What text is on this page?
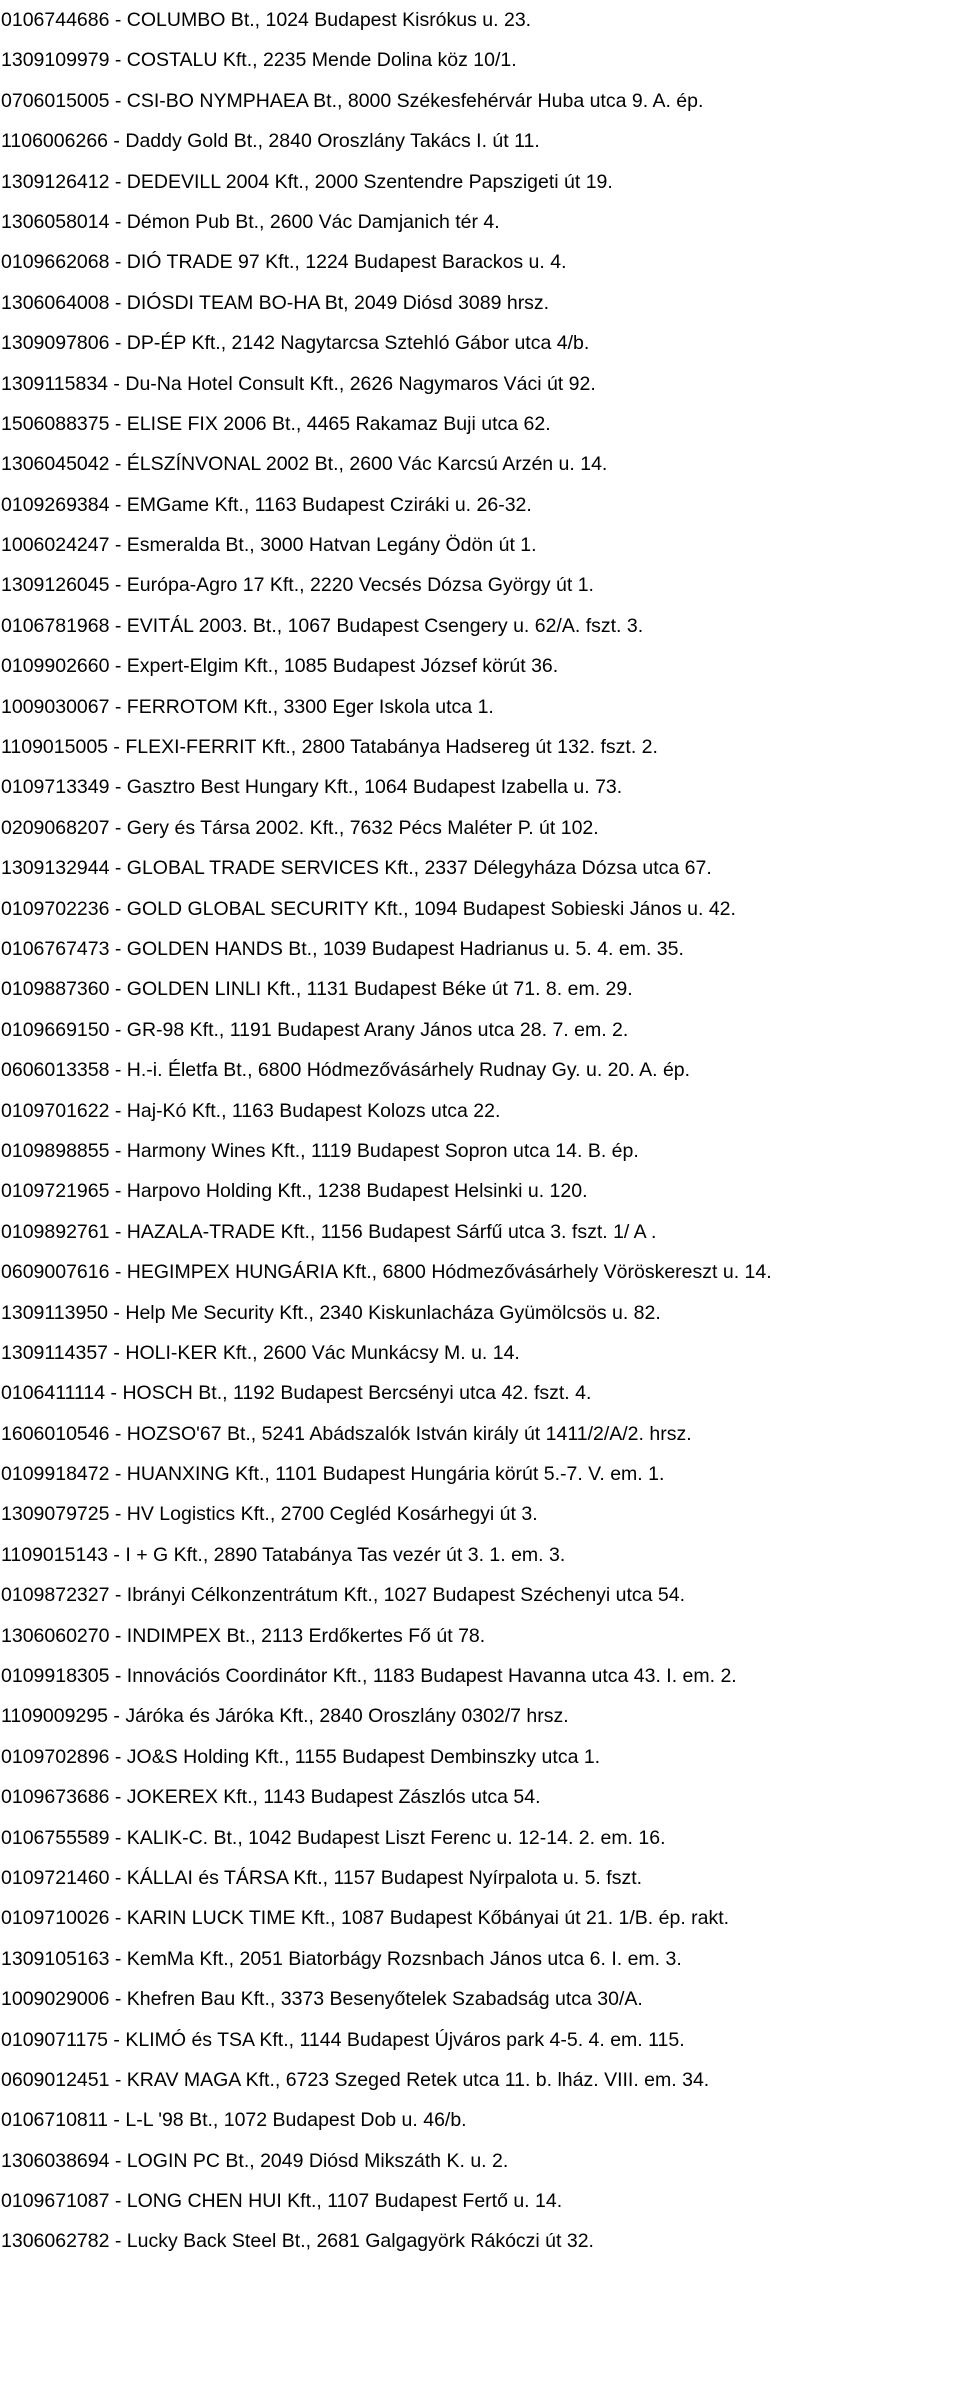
0106744686 - COLUMBO Bt., 1024 Budapest Kisrókus u. 23.
1309109979 - COSTALU Kft., 2235 Mende Dolina köz 10/1.
0706015005 - CSI-BO NYMPHAEA Bt., 8000 Székesfehérvár Huba utca 9. A. ép.
1106006266 - Daddy Gold Bt., 2840 Oroszlány Takács I. út 11.
1309126412 - DEDEVILL 2004 Kft., 2000 Szentendre Papszigeti út 19.
1306058014 - Démon Pub Bt., 2600 Vác Damjanich tér 4.
0109662068 - DIÓ TRADE 97 Kft., 1224 Budapest Barackos u. 4.
1306064008 - DIÓSDI TEAM BO-HA Bt, 2049 Diósd 3089 hrsz.
1309097806 - DP-ÉP Kft., 2142 Nagytarcsa Sztehló Gábor utca 4/b.
1309115834 - Du-Na Hotel Consult Kft., 2626 Nagymaros Váci út 92.
1506088375 - ELISE FIX 2006 Bt., 4465 Rakamaz Buji utca 62.
1306045042 - ÉLSZÍNVONAL 2002 Bt., 2600 Vác Karcsú Arzén u. 14.
0109269384 - EMGame Kft., 1163 Budapest Cziráki u. 26-32.
1006024247 - Esmeralda Bt., 3000 Hatvan Legány Ödön út 1.
1309126045 - Európa-Agro 17 Kft., 2220 Vecsés Dózsa György út 1.
0106781968 - EVITÁL 2003. Bt., 1067 Budapest Csengery u. 62/A. fszt. 3.
0109902660 - Expert-Elgim Kft., 1085 Budapest József körút 36.
1009030067 - FERROTOM Kft., 3300 Eger Iskola utca 1.
1109015005 - FLEXI-FERRIT Kft., 2800 Tatabánya Hadsereg út 132. fszt. 2.
0109713349 - Gasztro Best Hungary Kft., 1064 Budapest Izabella u. 73.
0209068207 - Gery és Társa 2002. Kft., 7632 Pécs Maléter P. út 102.
1309132944 - GLOBAL TRADE SERVICES Kft., 2337 Délegyháza Dózsa utca 67.
0109702236 - GOLD GLOBAL SECURITY Kft., 1094 Budapest Sobieski János u. 42.
0106767473 - GOLDEN HANDS Bt., 1039 Budapest Hadrianus u. 5. 4. em. 35.
0109887360 - GOLDEN LINLI Kft., 1131 Budapest Béke út 71. 8. em. 29.
0109669150 - GR-98 Kft., 1191 Budapest Arany János utca 28. 7. em. 2.
0606013358 - H.-i. Életfa Bt., 6800 Hódmezővásárhely Rudnay Gy. u. 20. A. ép.
0109701622 - Haj-Kó Kft., 1163 Budapest Kolozs utca 22.
0109898855 - Harmony Wines Kft., 1119 Budapest Sopron utca 14. B. ép.
0109721965 - Harpovo Holding Kft., 1238 Budapest Helsinki u. 120.
0109892761 - HAZALA-TRADE Kft., 1156 Budapest Sárfű utca 3. fszt. 1/ A .
0609007616 - HEGIMPEX HUNGÁRIA Kft., 6800 Hódmezővásárhely Vöröskereszt u. 14.
1309113950 - Help Me Security Kft., 2340 Kiskunlacháza Gyümölcsös u. 82.
1309114357 - HOLI-KER Kft., 2600 Vác Munkácsy M. u. 14.
0106411114 - HOSCH Bt., 1192 Budapest Bercsényi utca 42. fszt. 4.
1606010546 - HOZSO'67 Bt., 5241 Abádszalók István király út 1411/2/A/2. hrsz.
0109918472 - HUANXING Kft., 1101 Budapest Hungária körút 5.-7. V. em. 1.
1309079725 - HV Logistics Kft., 2700 Cegléd Kosárhegyi út 3.
1109015143 - I + G Kft., 2890 Tatabánya Tas vezér út 3. 1. em. 3.
0109872327 - Ibrányi Célkonzentrátum Kft., 1027 Budapest Széchenyi utca 54.
1306060270 - INDIMPEX Bt., 2113 Erdőkertes Fő út 78.
0109918305 - Innovációs Coordinátor Kft., 1183 Budapest Havanna utca 43. I. em. 2.
1109009295 - Járóka és Járóka Kft., 2840 Oroszlány 0302/7 hrsz.
0109702896 - JO&S Holding Kft., 1155 Budapest Dembinszky utca 1.
0109673686 - JOKEREX Kft., 1143 Budapest Zászlós utca 54.
0106755589 - KALIK-C. Bt., 1042 Budapest Liszt Ferenc u. 12-14. 2. em. 16.
0109721460 - KÁLLAI és TÁRSA Kft., 1157 Budapest Nyírpalota u. 5. fszt.
0109710026 - KARIN LUCK TIME Kft., 1087 Budapest Kőbányai út 21. 1/B. ép. rakt.
1309105163 - KemMa Kft., 2051 Biatorbágy Rozsnbach János utca 6. I. em. 3.
1009029006 - Khefren Bau Kft., 3373 Besenyőtelek Szabadság utca 30/A.
0109071175 - KLIMÓ és TSA Kft., 1144 Budapest Újváros park 4-5. 4. em. 115.
0609012451 - KRAV MAGA Kft., 6723 Szeged Retek utca 11. b. lház. VIII. em. 34.
0106710811 - L-L '98 Bt., 1072 Budapest Dob u. 46/b.
1306038694 - LOGIN PC Bt., 2049 Diósd Mikszáth K. u. 2.
0109671087 - LONG CHEN HUI Kft., 1107 Budapest Fertő u. 14.
1306062782 - Lucky Back Steel Bt., 2681 Galgagyörk Rákóczi út 32.
